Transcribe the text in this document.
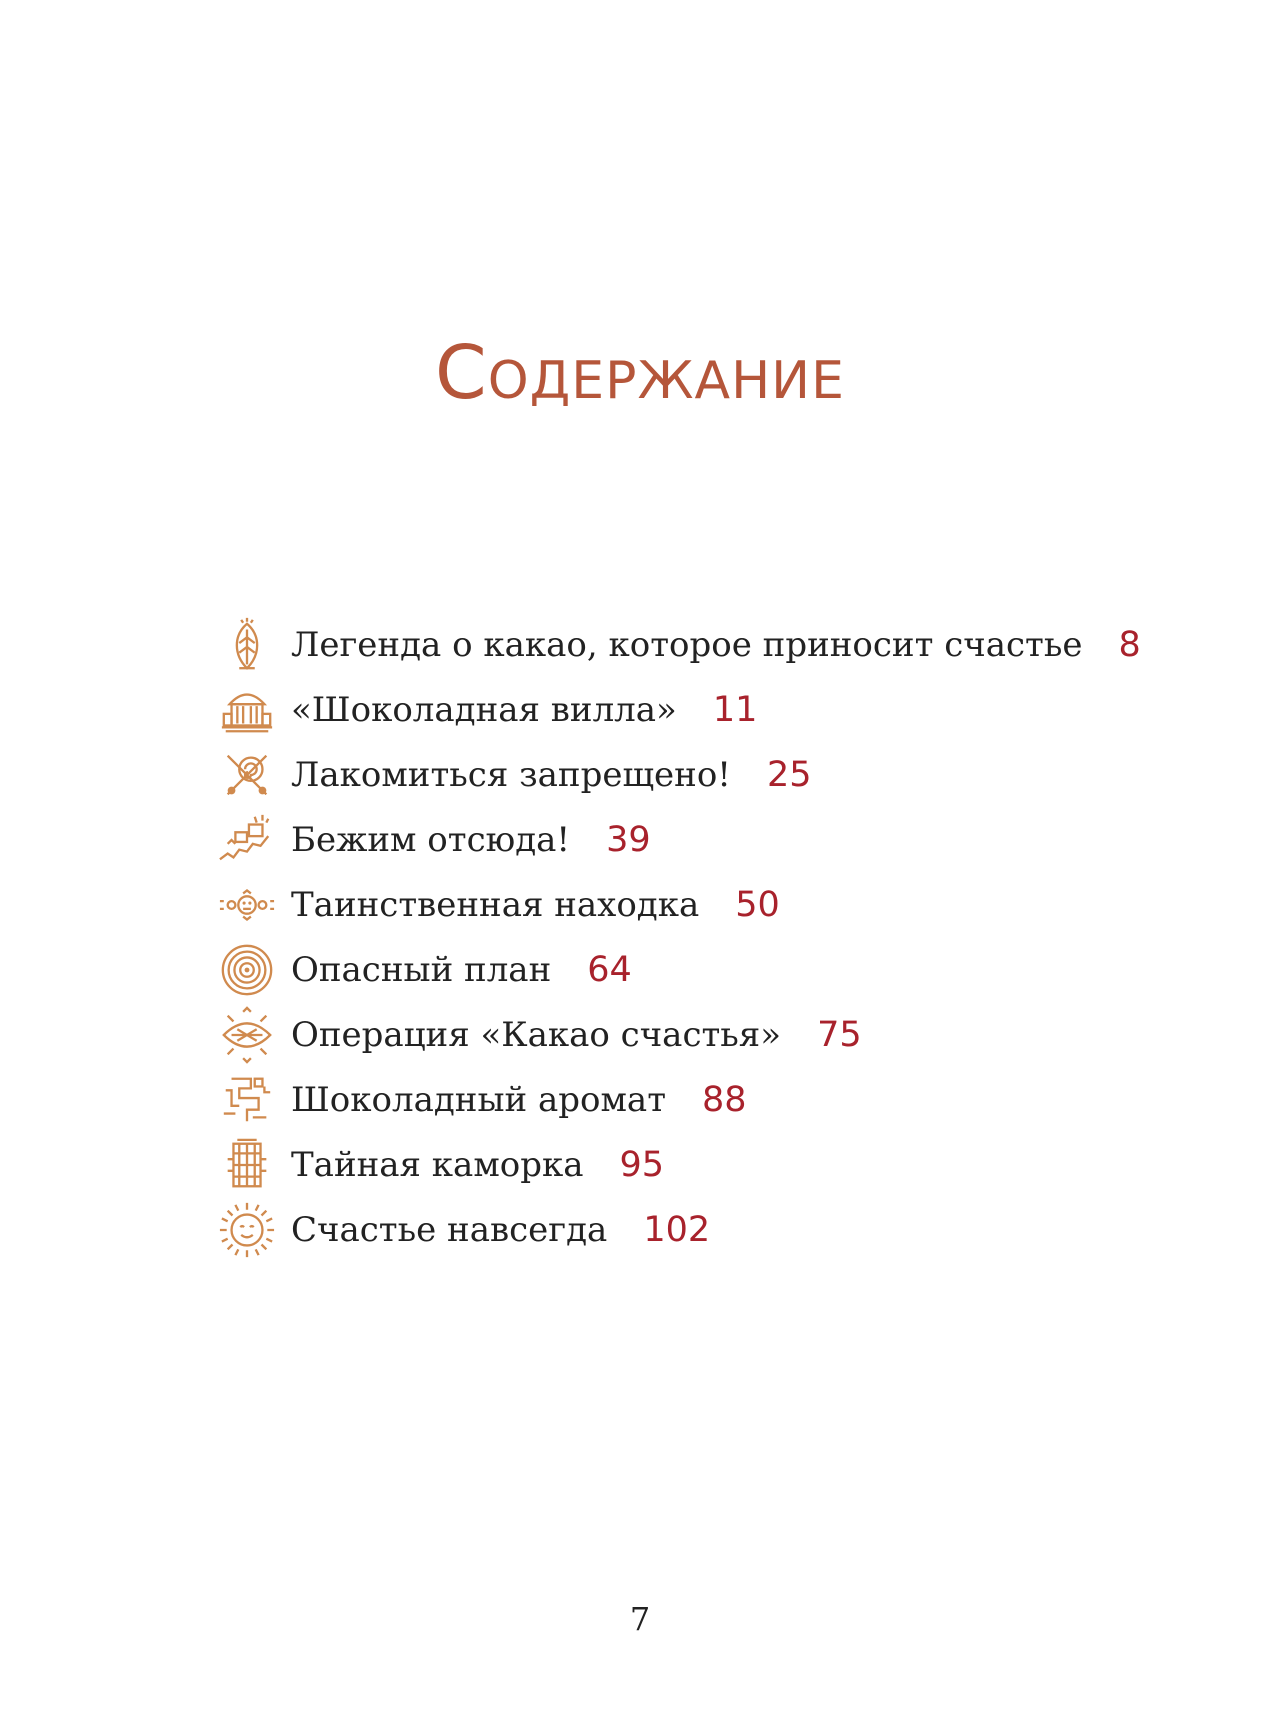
Содержание
Легенда о какао, которое приносит счастье 8
«Шоколадная вилла» 11
Лакомиться запрещено! 25
Бежим отсюда! 39
Таинственная находка 50
Опасный план 64
Операция «Какао счастья» 75
Шоколадный аромат 88
Тайная каморка 95
Счастье навсегда 102
7
